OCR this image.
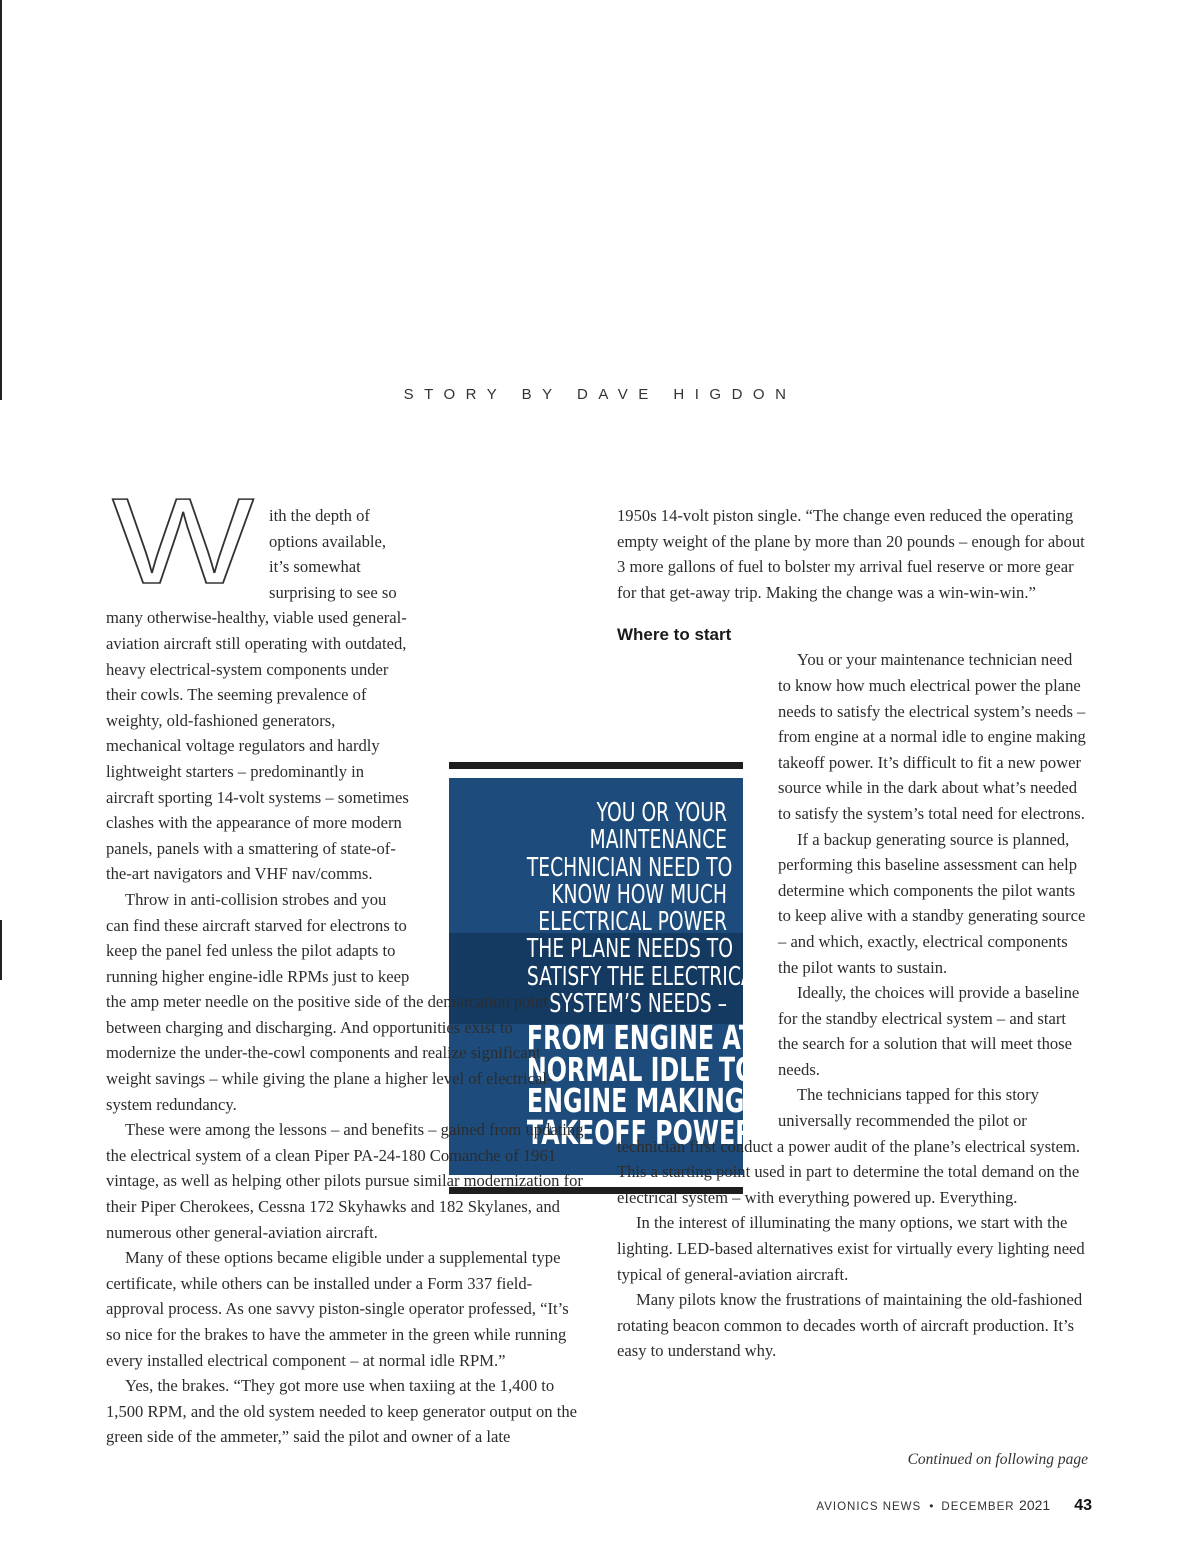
STORY BY DAVE HIGDON
YOU OR YOUR
MAINTENANCE
TECHNICIAN NEED TO
KNOW HOW MUCH
ELECTRICAL POWER
THE PLANE NEEDS TO
SATISFY THE ELECTRICAL
SYSTEM’S NEEDS –
FROM ENGINE AT A
NORMAL IDLE TO
ENGINE MAKING
TAKEOFF POWER.
W ith the depth of options available, it’s somewhat surprising to see so many otherwise-healthy, viable used general-aviation aircraft still operating with outdated, heavy electrical-system components under their cowls. The seeming prevalence of weighty, old-fashioned generators, mechanical voltage regulators and hardly lightweight starters – predominantly in aircraft sporting 14-volt systems – sometimes clashes with the appearance of more modern panels, panels with a smattering of state-of-the-art navigators and VHF nav/comms.

Throw in anti-collision strobes and you can find these aircraft starved for electrons to keep the panel fed unless the pilot adapts to running higher engine-idle RPMs just to keep the amp meter needle on the positive side of the demarcation point between charging and discharging. And opportunities exist to modernize the under-the-cowl components and realize significant weight savings – while giving the plane a higher level of electrical-system redundancy.

These were among the lessons – and benefits – gained from updating the electrical system of a clean Piper PA-24-180 Comanche of 1961 vintage, as well as helping other pilots pursue similar modernization for their Piper Cherokees, Cessna 172 Skyhawks and 182 Skylanes, and numerous other general-aviation aircraft.

Many of these options became eligible under a supplemental type certificate, while others can be installed under a Form 337 field-approval process. As one savvy piston-single operator professed, “It’s so nice for the brakes to have the ammeter in the green while running every installed electrical component – at normal idle RPM.”

Yes, the brakes. “They got more use when taxiing at the 1,400 to 1,500 RPM, and the old system needed to keep generator output on the green side of the ammeter,” said the pilot and owner of a late

1950s 14-volt piston single. “The change even reduced the operating empty weight of the plane by more than 20 pounds – enough for about 3 more gallons of fuel to bolster my arrival fuel reserve or more gear for that get-away trip. Making the change was a win-win-win.”

Where to start

You or your maintenance technician need to know how much electrical power the plane needs to satisfy the electrical system’s needs – from engine at a normal idle to engine making takeoff power. It’s difficult to fit a new power source while in the dark about what’s needed to satisfy the system’s total need for electrons.

If a backup generating source is planned, performing this baseline assessment can help determine which components the pilot wants to keep alive with a standby generating source – and which, exactly, electrical components the pilot wants to sustain.

Ideally, the choices will provide a baseline for the standby electrical system – and start the search for a solution that will meet those needs.

The technicians tapped for this story universally recommended the pilot or technician first conduct a power audit of the plane’s electrical system. This a starting point used in part to determine the total demand on the electrical system – with everything powered up. Everything.

In the interest of illuminating the many options, we start with the lighting. LED-based alternatives exist for virtually every lighting need typical of general-aviation aircraft.

Many pilots know the frustrations of maintaining the old-fashioned rotating beacon common to decades worth of aircraft production. It’s easy to understand why.

Continued on following page
AVIONICS NEWS • DECEMBER 2021 43
